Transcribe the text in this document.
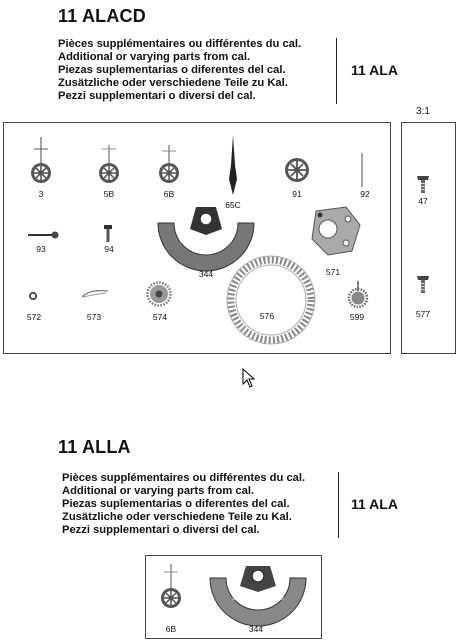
11 ALACD
Pièces supplémentaires ou différentes du cal.
Additional or varying parts from cal.
Piezas suplementarias o diferentes del cal.
Zusätzliche oder verschiedene Teile zu Kal.
Pezzi supplementari o diversi del cal.
11 ALA
3:1
3	5B	6B
65C
91	92
93	94
BULOVA WATCH Co
344	571
576
572	573	574	599
47
577
11 ALLA
Pièces supplémentaires ou différentes du cal.
Additional or varying parts from cal.
Piezas suplementarias o diferentes del cal.
Zusätzliche oder verschiedene Teile zu Kal.
Pezzi supplementari o diversi del cal.
11 ALA
6B
BULOVA WATCH Co
344
